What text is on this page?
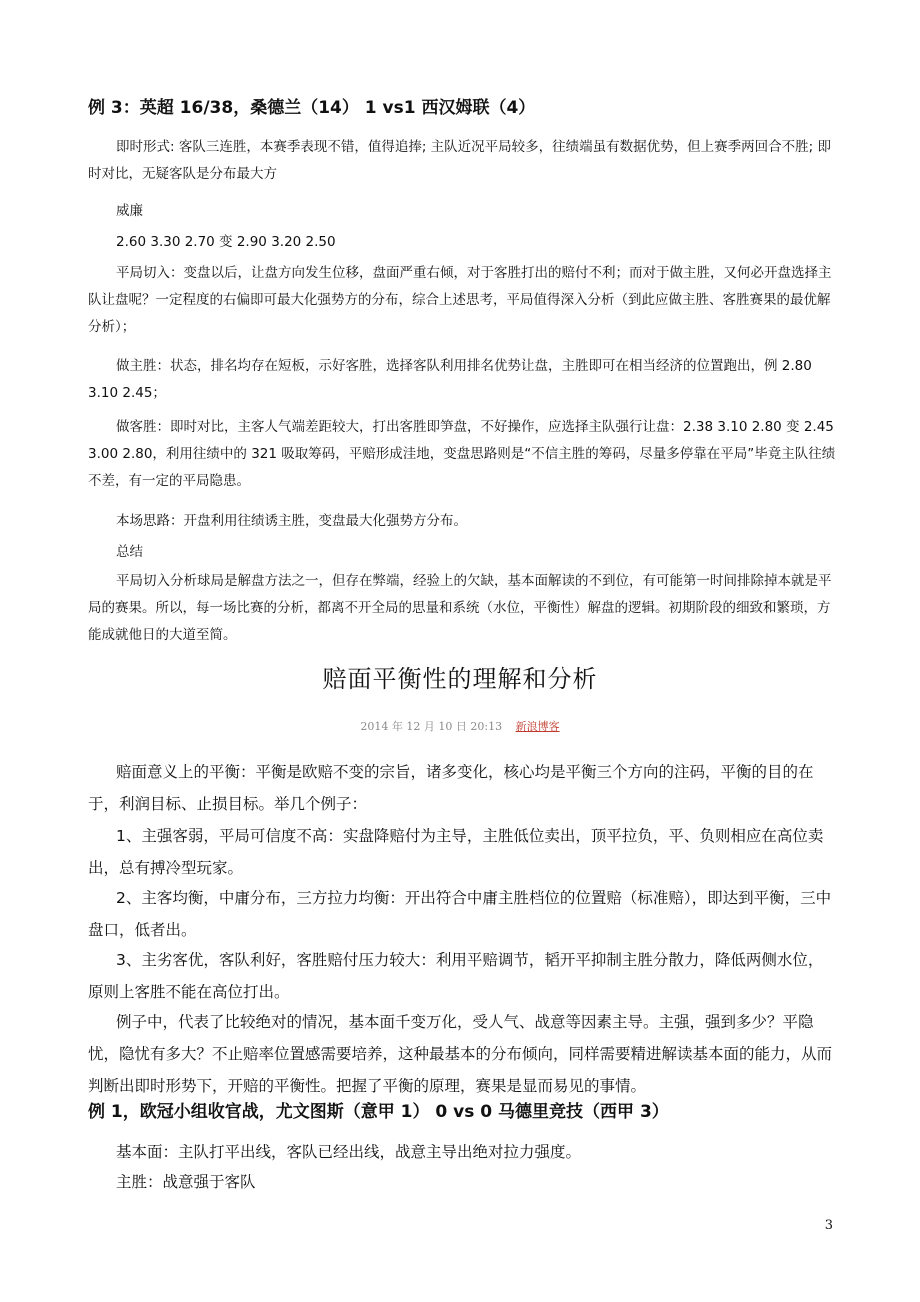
例 3：英超 16/38，桑德兰（14） 1 vs1 西汉姆联（4）

即时形式: 客队三连胜，本赛季表现不错，值得追捧; 主队近况平局较多，往绩端虽有数据优势，但上赛季两回合不胜; 即时对比，无疑客队是分布最大方

威廉

2.60 3.30 2.70 变 2.90 3.20 2.50

平局切入：变盘以后，让盘方向发生位移，盘面严重右倾，对于客胜打出的赔付不利；而对于做主胜，又何必开盘选择主队让盘呢？一定程度的右偏即可最大化强势方的分布，综合上述思考，平局值得深入分析（到此应做主胜、客胜赛果的最优解分析）；

做主胜：状态，排名均存在短板，示好客胜，选择客队利用排名优势让盘，主胜即可在相当经济的位置跑出，例 2.80 3.10 2.45；

做客胜：即时对比，主客人气端差距较大，打出客胜即笋盘，不好操作，应选择主队强行让盘：2.38 3.10 2.80 变 2.45 3.00 2.80，利用往绩中的 321 吸取筹码，平赔形成洼地，变盘思路则是“不信主胜的筹码，尽量多停靠在平局”毕竟主队往绩不差，有一定的平局隐患。

本场思路：开盘利用往绩诱主胜，变盘最大化强势方分布。

总结

平局切入分析球局是解盘方法之一，但存在弊端，经验上的欠缺，基本面解读的不到位，有可能第一时间排除掉本就是平局的赛果。所以，每一场比赛的分析，都离不开全局的思量和系统（水位，平衡性）解盘的逻辑。初期阶段的细致和繁琐，方能成就他日的大道至简。

赔面平衡性的理解和分析
2014 年 12 月 10 日 20:13 新浪博客

赔面意义上的平衡：平衡是欧赔不变的宗旨，诸多变化，核心均是平衡三个方向的注码，平衡的目的在于，利润目标、止损目标。举几个例子：

1、主强客弱，平局可信度不高：实盘降赔付为主导，主胜低位卖出，顶平拉负，平、负则相应在高位卖出，总有搏冷型玩家。

2、主客均衡，中庸分布，三方拉力均衡：开出符合中庸主胜档位的位置赔（标准赔），即达到平衡，三中盘口，低者出。

3、主劣客优，客队利好，客胜赔付压力较大：利用平赔调节，韬开平抑制主胜分散力，降低两侧水位，原则上客胜不能在高位打出。

例子中，代表了比较绝对的情况，基本面千变万化，受人气、战意等因素主导。主强，强到多少？平隐忧，隐忧有多大？不止赔率位置感需要培养，这种最基本的分布倾向，同样需要精进解读基本面的能力，从而判断出即时形势下，开赔的平衡性。把握了平衡的原理，赛果是显而易见的事情。

例 1，欧冠小组收官战，尤文图斯（意甲 1） 0 vs 0 马德里竞技（西甲 3）

基本面：主队打平出线，客队已经出线，战意主导出绝对拉力强度。

主胜：战意强于客队

3
